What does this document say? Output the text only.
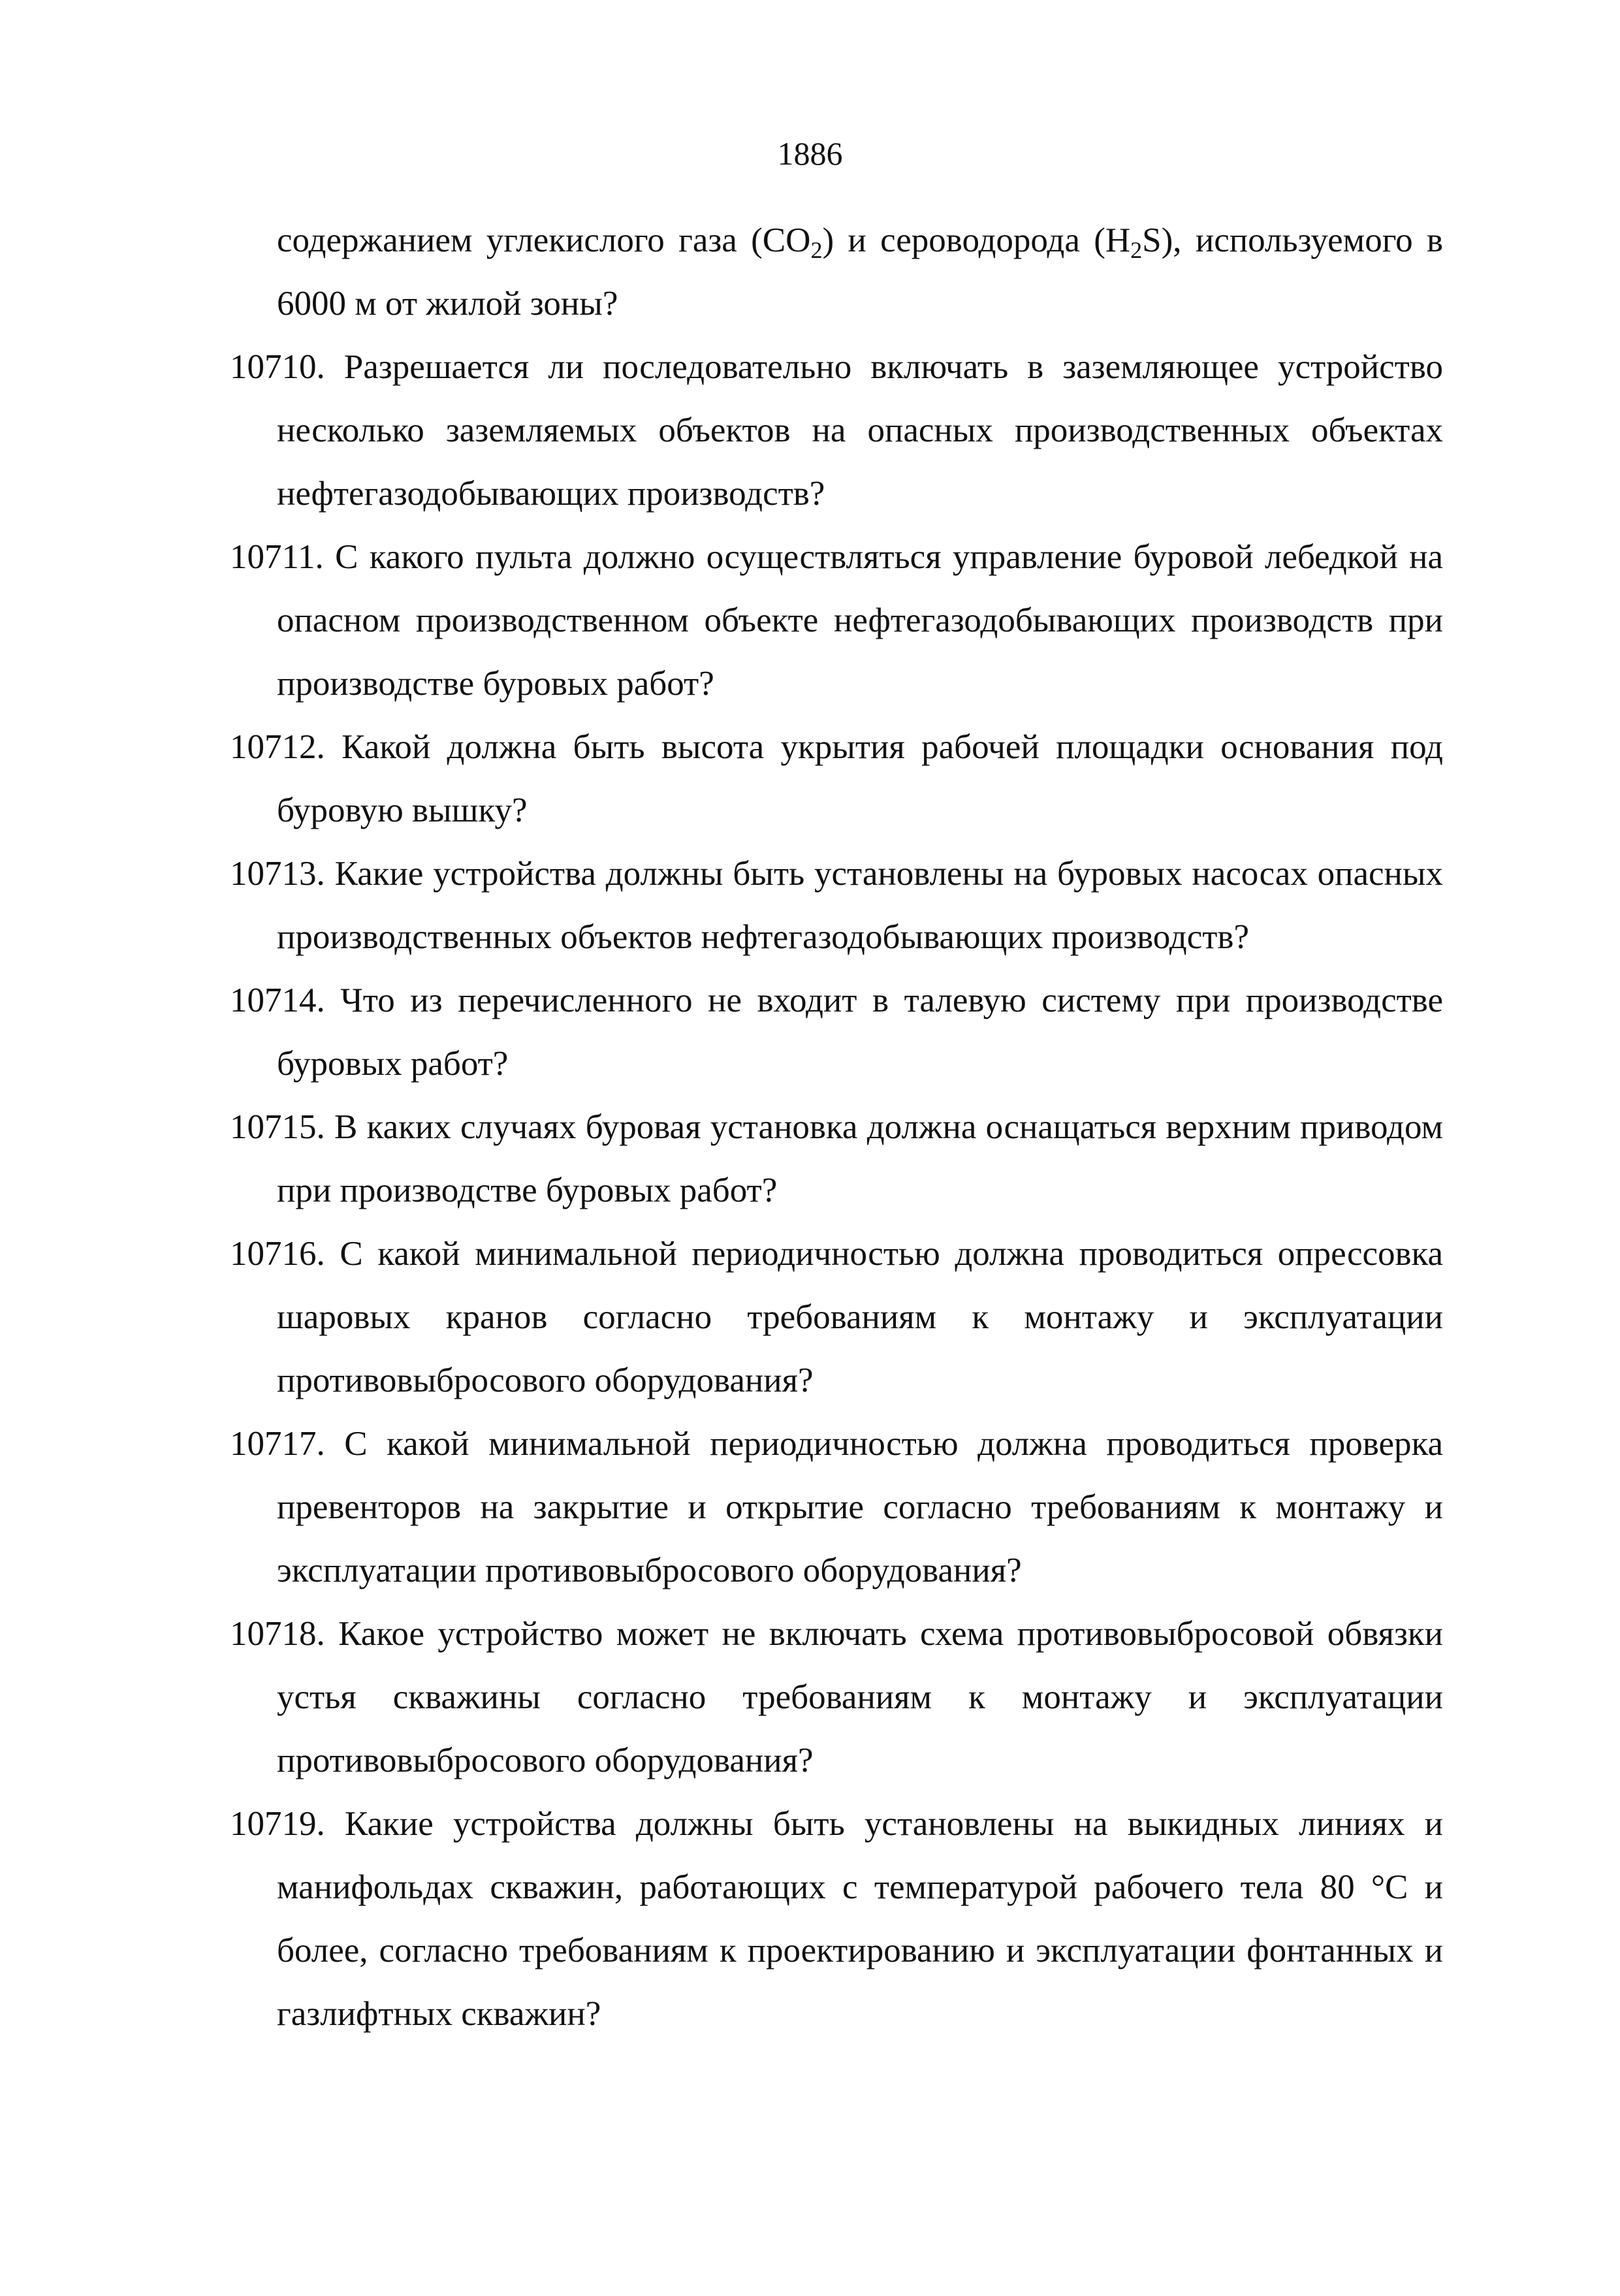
1886

содержанием углекислого газа $(CO_2)$ и сероводорода $(H_2S)$, используемого в 6000 м от жилой зоны?

10710. Разрешается ли последовательно включать в заземляющее устройство несколько заземляемых объектов на опасных производственных объектах нефтегазодобывающих производств?

10711. С какого пульта должно осуществляться управление буровой лебедкой на опасном производственном объекте нефтегазодобывающих производств при производстве буровых работ?

10712. Какой должна быть высота укрытия рабочей площадки основания под буровую вышку?

10713. Какие устройства должны быть установлены на буровых насосах опасных производственных объектов нефтегазодобывающих производств?

10714. Что из перечисленного не входит в талевую систему при производстве буровых работ?

10715. В каких случаях буровая установка должна оснащаться верхним приводом при производстве буровых работ?

10716. С какой минимальной периодичностью должна проводиться опрессовка шаровых кранов согласно требованиям к монтажу и эксплуатации противовыбросового оборудования?

10717. С какой минимальной периодичностью должна проводиться проверка превенторов на закрытие и открытие согласно требованиям к монтажу и эксплуатации противовыбросового оборудования?

10718. Какое устройство может не включать схема противовыбросовой обвязки устья скважины согласно требованиям к монтажу и эксплуатации противовыбросового оборудования?

10719. Какие устройства должны быть установлены на выкидных линиях и манифольдах скважин, работающих с температурой рабочего тела 80 °С и более, согласно требованиям к проектированию и эксплуатации фонтанных и газлифтных скважин?
